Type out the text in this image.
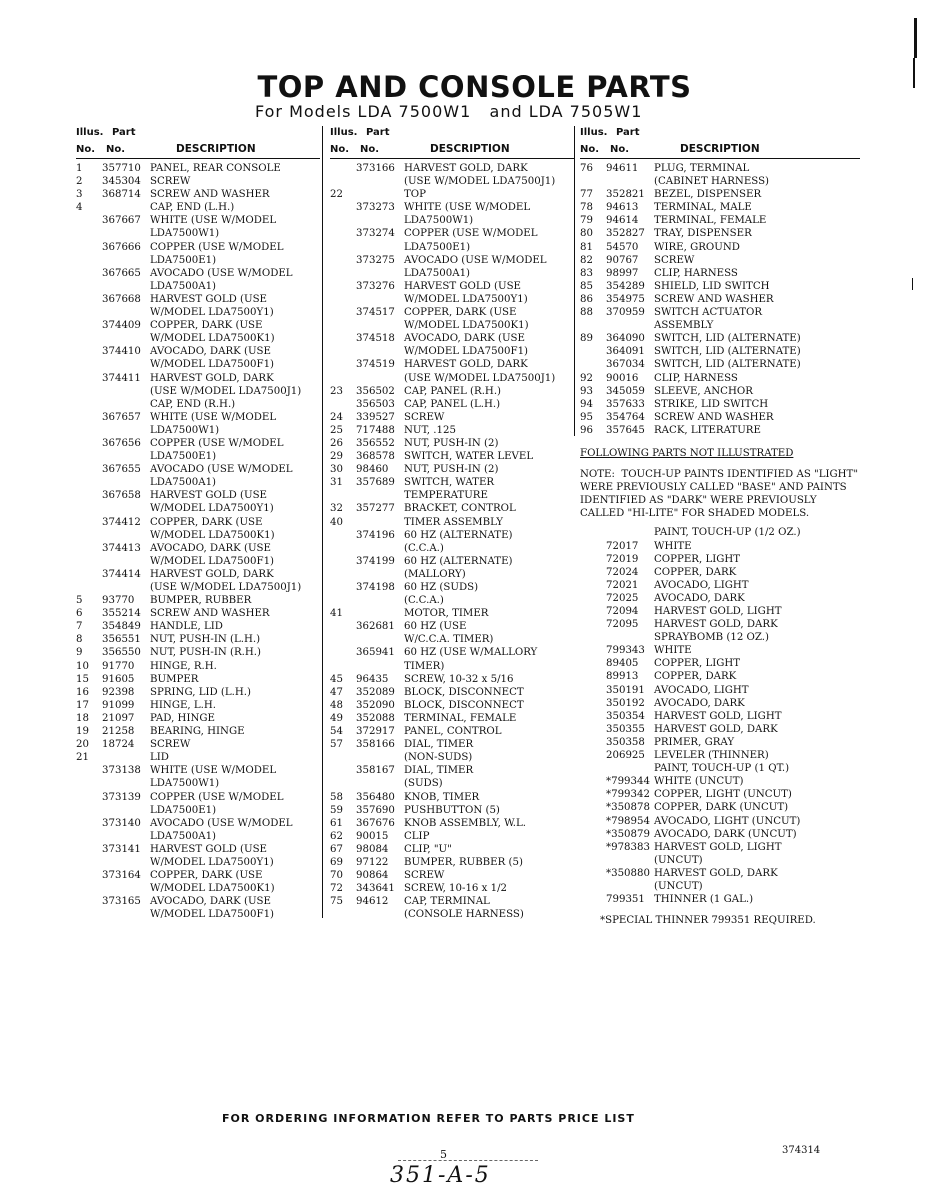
TOP AND CONSOLE PARTS
For Models LDA 7500W1   and LDA 7505W1
Illus. Part
No. No.	DESCRIPTION
1	357710 PANEL, REAR CONSOLE
2	345304 SCREW
3	368714 SCREW AND WASHER
4	CAP, END (L.H.)
367667 WHITE (USE W/MODEL
LDA7500W1)
367666 COPPER (USE W/MODEL
LDA7500E1)
367665 AVOCADO (USE W/MODEL
LDA7500A1)
367668 HARVEST GOLD (USE
W/MODEL LDA7500Y1)
374409 COPPER, DARK (USE
W/MODEL LDA7500K1)
374410 AVOCADO, DARK (USE
W/MODEL LDA7500F1)
374411 HARVEST GOLD, DARK
(USE W/MODEL LDA7500J1)
CAP, END (R.H.)
367657 WHITE (USE W/MODEL
LDA7500W1)
367656 COPPER (USE W/MODEL
LDA7500E1)
367655 AVOCADO (USE W/MODEL
LDA7500A1)
367658 HARVEST GOLD (USE
W/MODEL LDA7500Y1)
374412 COPPER, DARK (USE
W/MODEL LDA7500K1)
374413 AVOCADO, DARK (USE
W/MODEL LDA7500F1)
374414 HARVEST GOLD, DARK
(USE W/MODEL LDA7500J1)
5	93770	BUMPER, RUBBER
6	355214 SCREW AND WASHER
7	354849 HANDLE, LID
8	356551 NUT, PUSH-IN (L.H.)
9	356550 NUT, PUSH-IN (R.H.)
10	91770	HINGE, R.H.
15	91605	BUMPER
16	92398	SPRING, LID (L.H.)
17	91099	HINGE, L.H.
18	21097	PAD, HINGE
19	21258	BEARING, HINGE
20	18724	SCREW
21	LID
373138 WHITE (USE W/MODEL
LDA7500W1)
373139 COPPER (USE W/MODEL
LDA7500E1)
373140 AVOCADO (USE W/MODEL
LDA7500A1)
373141 HARVEST GOLD (USE
W/MODEL LDA7500Y1)
373164 COPPER, DARK (USE
W/MODEL LDA7500K1)
373165 AVOCADO, DARK (USE
W/MODEL LDA7500F1)
Illus. Part
No. No.	DESCRIPTION
373166 HARVEST GOLD, DARK
(USE W/MODEL LDA7500J1)
22	TOP
373273 WHITE (USE W/MODEL
LDA7500W1)
373274 COPPER (USE W/MODEL
LDA7500E1)
373275 AVOCADO (USE W/MODEL
LDA7500A1)
373276 HARVEST GOLD (USE
W/MODEL LDA7500Y1)
374517 COPPER, DARK (USE
W/MODEL LDA7500K1)
374518 AVOCADO, DARK (USE
W/MODEL LDA7500F1)
374519 HARVEST GOLD, DARK
(USE W/MODEL LDA7500J1)
23	356502 CAP, PANEL (R.H.)
356503 CAP, PANEL (L.H.)
24	339527 SCREW
25	717488 NUT, .125
26	356552 NUT, PUSH-IN (2)
29	368578 SWITCH, WATER LEVEL
30	98460	NUT, PUSH-IN (2)
31	357689 SWITCH, WATER
TEMPERATURE
32	357277 BRACKET, CONTROL
40	TIMER ASSEMBLY
374196 60 HZ (ALTERNATE)
(C.C.A.)
374199 60 HZ (ALTERNATE)
(MALLORY)
374198 60 HZ (SUDS)
(C.C.A.)
41	MOTOR, TIMER
362681 60 HZ (USE
W/C.C.A. TIMER)
365941 60 HZ (USE W/MALLORY
TIMER)
45	96435	SCREW, 10-32 x 5/16
47	352089 BLOCK, DISCONNECT
48	352090 BLOCK, DISCONNECT
49	352088 TERMINAL, FEMALE
54	372917 PANEL, CONTROL
57	358166 DIAL, TIMER
(NON-SUDS)
358167 DIAL, TIMER
(SUDS)
58	356480 KNOB, TIMER
59	357690 PUSHBUTTON (5)
61	367676 KNOB ASSEMBLY, W.L.
62	90015	CLIP
67	98084	CLIP, "U"
69	97122	BUMPER, RUBBER (5)
70	90864	SCREW
72	343641 SCREW, 10-16 x 1/2
75	94612	CAP, TERMINAL
(CONSOLE HARNESS)
Illus. Part
No. No.	DESCRIPTION
76	94611	PLUG, TERMINAL
(CABINET HARNESS)
77	352821 BEZEL, DISPENSER
78	94613	TERMINAL, MALE
79	94614	TERMINAL, FEMALE
80	352827 TRAY, DISPENSER
81	54570	WIRE, GROUND
82	90767	SCREW
83	98997	CLIP, HARNESS
85	354289 SHIELD, LID SWITCH
86	354975 SCREW AND WASHER
88	370959 SWITCH ACTUATOR
ASSEMBLY
89	364090 SWITCH, LID (ALTERNATE)
364091 SWITCH, LID (ALTERNATE)
367034 SWITCH, LID (ALTERNATE)
92	90016	CLIP, HARNESS
93	345059 SLEEVE, ANCHOR
94	357633 STRIKE, LID SWITCH
95	354764 SCREW AND WASHER
96	357645 RACK, LITERATURE
FOLLOWING PARTS NOT ILLUSTRATED
NOTE:  TOUCH-UP PAINTS IDENTIFIED AS "LIGHT"
WERE PREVIOUSLY CALLED "BASE" AND PAINTS
IDENTIFIED AS "DARK" WERE PREVIOUSLY
CALLED "HI-LITE" FOR SHADED MODELS.
PAINT, TOUCH-UP (1/2 OZ.)
72017	WHITE
72019	COPPER, LIGHT
72024	COPPER, DARK
72021	AVOCADO, LIGHT
72025	AVOCADO, DARK
72094	HARVEST GOLD, LIGHT
72095	HARVEST GOLD, DARK
SPRAYBOMB (12 OZ.)
799343 WHITE
89405	COPPER, LIGHT
89913	COPPER, DARK
350191 AVOCADO, LIGHT
350192 AVOCADO, DARK
350354 HARVEST GOLD, LIGHT
350355 HARVEST GOLD, DARK
350358 PRIMER, GRAY
206925 LEVELER (THINNER)
PAINT, TOUCH-UP (1 QT.)
*799344 WHITE (UNCUT)
*799342 COPPER, LIGHT (UNCUT)
*350878 COPPER, DARK (UNCUT)
*798954 AVOCADO, LIGHT (UNCUT)
*350879 AVOCADO, DARK (UNCUT)
*978383 HARVEST GOLD, LIGHT
(UNCUT)
*350880 HARVEST GOLD, DARK
(UNCUT)
799351 THINNER (1 GAL.)
*SPECIAL THINNER 799351 REQUIRED.
FOR ORDERING INFORMATION REFER TO PARTS PRICE LIST
5
351-A-5
374314
